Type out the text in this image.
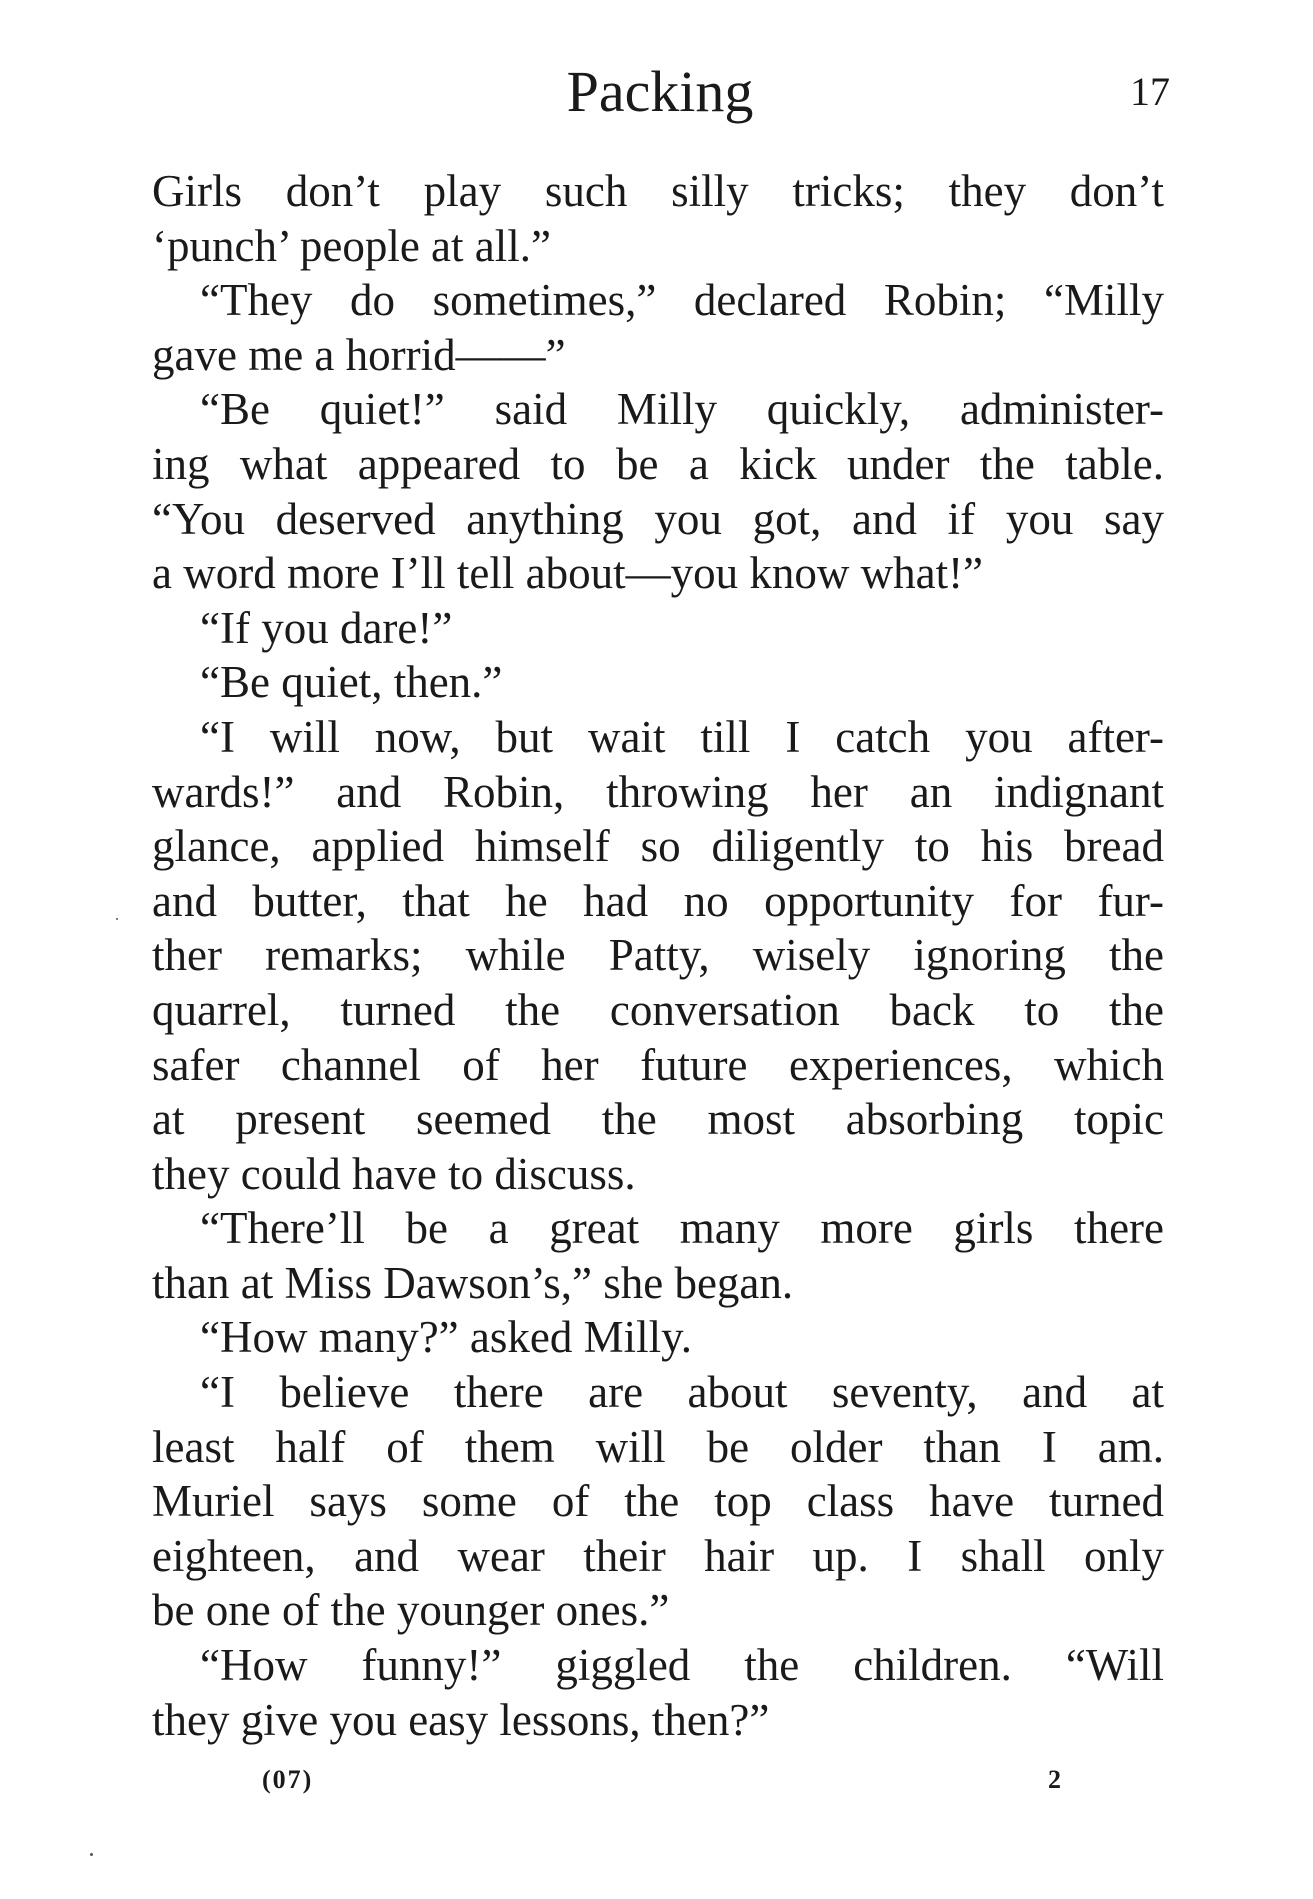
Packing	17
Girls don’t play such silly tricks; they don’t
‘punch’ people at all.”
“They do sometimes,” declared Robin; “Milly
gave me a horrid——”
“Be quiet!” said Milly quickly, administer-
ing what appeared to be a kick under the table.
“You deserved anything you got, and if you say
a word more I’ll tell about—you know what!”
“If you dare!”
“Be quiet, then.”
“I will now, but wait till I catch you after-
wards!” and Robin, throwing her an indignant
glance, applied himself so diligently to his bread
and butter, that he had no opportunity for fur-
ther remarks; while Patty, wisely ignoring the
quarrel, turned the conversation back to the
safer channel of her future experiences, which
at present seemed the most absorbing topic
they could have to discuss.
“There’ll be a great many more girls there
than at Miss Dawson’s,” she began.
“How many?” asked Milly.
“I believe there are about seventy, and at
least half of them will be older than I am.
Muriel says some of the top class have turned
eighteen, and wear their hair up. I shall only
be one of the younger ones.”
“How funny!” giggled the children. “Will
they give you easy lessons, then?”
(07)	2
